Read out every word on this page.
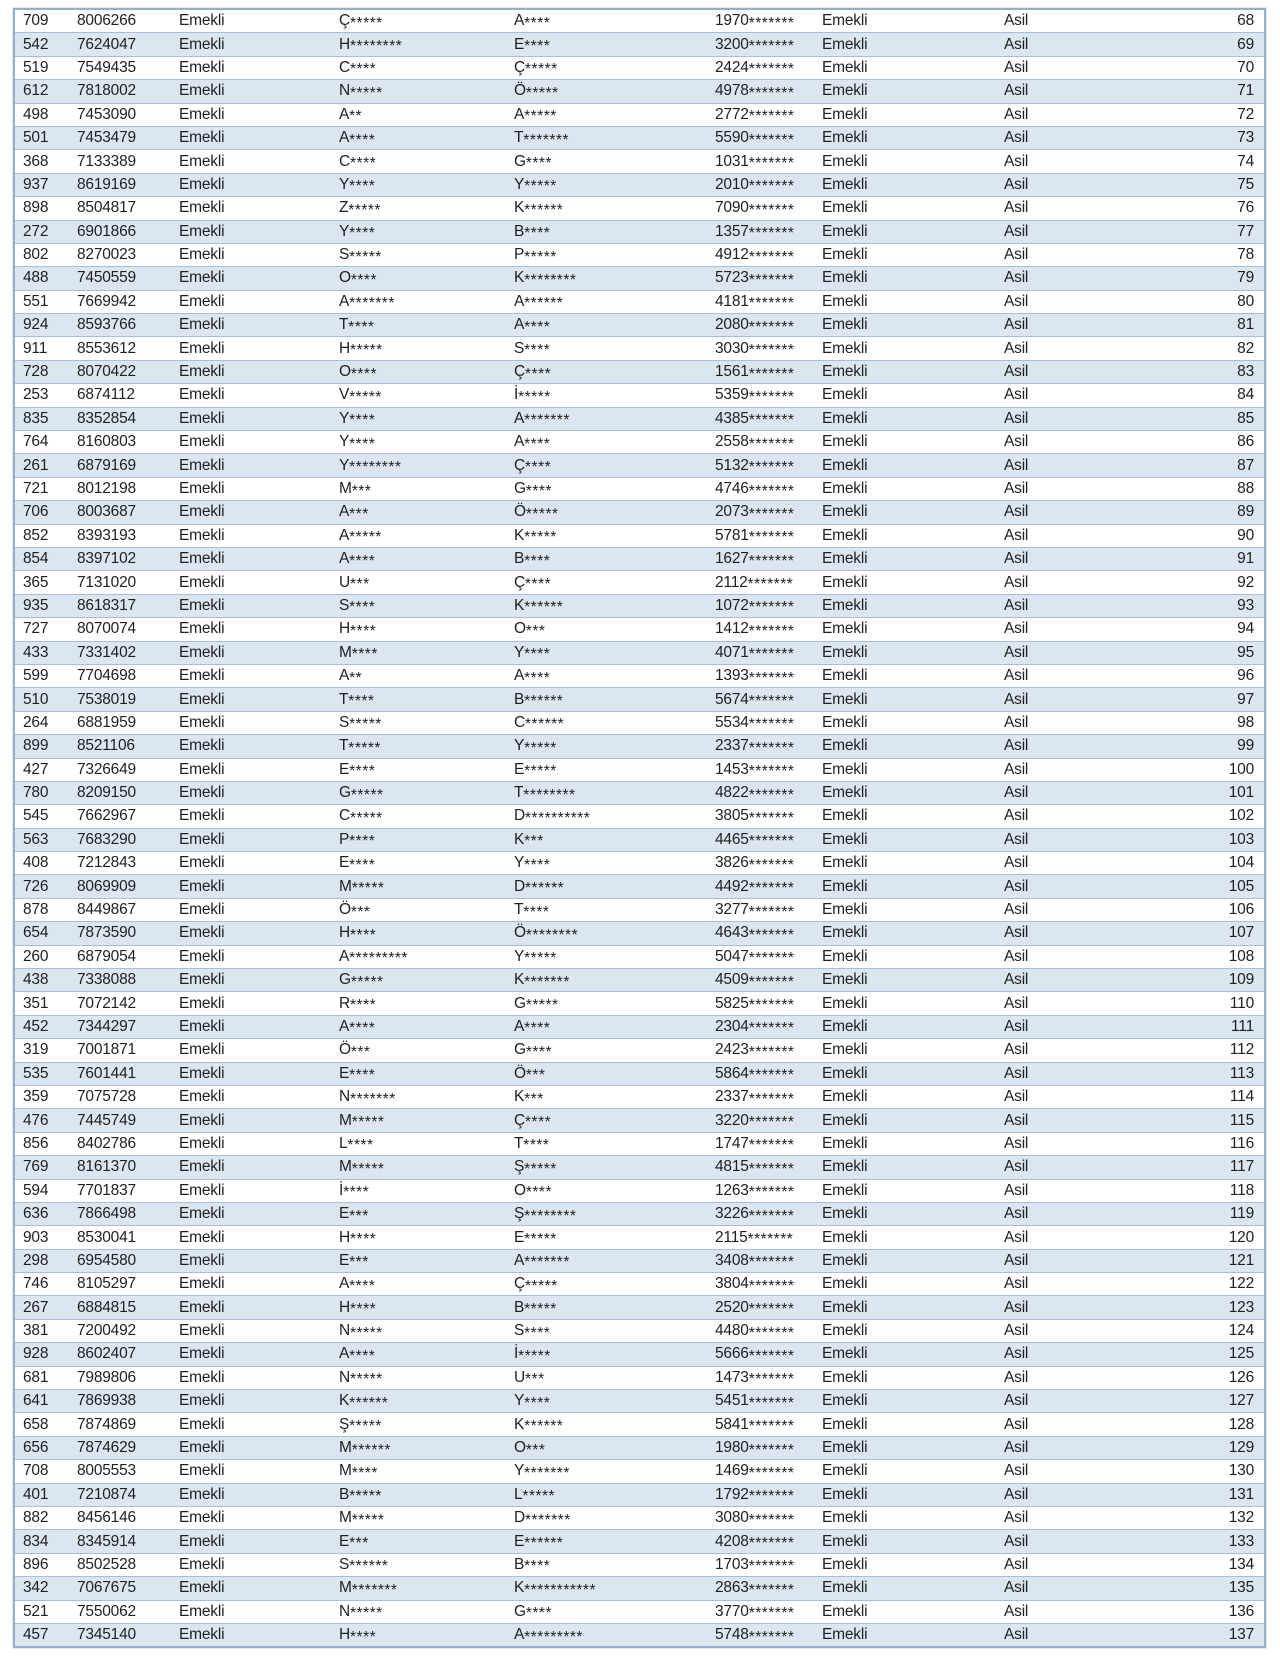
709	8006266	Emekli	Ç*****	A****	1970*******	Emekli	Asil	68
542	7624047	Emekli	H********	E****	3200*******	Emekli	Asil	69
519	7549435	Emekli	C****	Ç*****	2424*******	Emekli	Asil	70
612	7818002	Emekli	N*****	Ö*****	4978*******	Emekli	Asil	71
498	7453090	Emekli	A**	A*****	2772*******	Emekli	Asil	72
501	7453479	Emekli	A****	T*******	5590*******	Emekli	Asil	73
368	7133389	Emekli	C****	G****	1031*******	Emekli	Asil	74
937	8619169	Emekli	Y****	Y*****	2010*******	Emekli	Asil	75
898	8504817	Emekli	Z*****	K******	7090*******	Emekli	Asil	76
272	6901866	Emekli	Y****	B****	1357*******	Emekli	Asil	77
802	8270023	Emekli	S*****	P*****	4912*******	Emekli	Asil	78
488	7450559	Emekli	O****	K********	5723*******	Emekli	Asil	79
551	7669942	Emekli	A*******	A******	4181*******	Emekli	Asil	80
924	8593766	Emekli	T****	A****	2080*******	Emekli	Asil	81
911	8553612	Emekli	H*****	S****	3030*******	Emekli	Asil	82
728	8070422	Emekli	O****	Ç****	1561*******	Emekli	Asil	83
253	6874112	Emekli	V*****	İ*****	5359*******	Emekli	Asil	84
835	8352854	Emekli	Y****	A*******	4385*******	Emekli	Asil	85
764	8160803	Emekli	Y****	A****	2558*******	Emekli	Asil	86
261	6879169	Emekli	Y********	Ç****	5132*******	Emekli	Asil	87
721	8012198	Emekli	M***	G****	4746*******	Emekli	Asil	88
706	8003687	Emekli	A***	Ö*****	2073*******	Emekli	Asil	89
852	8393193	Emekli	A*****	K*****	5781*******	Emekli	Asil	90
854	8397102	Emekli	A****	B****	1627*******	Emekli	Asil	91
365	7131020	Emekli	U***	Ç****	2112*******	Emekli	Asil	92
935	8618317	Emekli	S****	K******	1072*******	Emekli	Asil	93
727	8070074	Emekli	H****	O***	1412*******	Emekli	Asil	94
433	7331402	Emekli	M****	Y****	4071*******	Emekli	Asil	95
599	7704698	Emekli	A**	A****	1393*******	Emekli	Asil	96
510	7538019	Emekli	T****	B******	5674*******	Emekli	Asil	97
264	6881959	Emekli	S*****	C******	5534*******	Emekli	Asil	98
899	8521106	Emekli	T*****	Y*****	2337*******	Emekli	Asil	99
427	7326649	Emekli	E****	E*****	1453*******	Emekli	Asil	100
780	8209150	Emekli	G*****	T********	4822*******	Emekli	Asil	101
545	7662967	Emekli	C*****	D**********	3805*******	Emekli	Asil	102
563	7683290	Emekli	P****	K***	4465*******	Emekli	Asil	103
408	7212843	Emekli	E****	Y****	3826*******	Emekli	Asil	104
726	8069909	Emekli	M*****	D******	4492*******	Emekli	Asil	105
878	8449867	Emekli	Ö***	T****	3277*******	Emekli	Asil	106
654	7873590	Emekli	H****	Ö********	4643*******	Emekli	Asil	107
260	6879054	Emekli	A*********	Y*****	5047*******	Emekli	Asil	108
438	7338088	Emekli	G*****	K*******	4509*******	Emekli	Asil	109
351	7072142	Emekli	R****	G*****	5825*******	Emekli	Asil	110
452	7344297	Emekli	A****	A****	2304*******	Emekli	Asil	111
319	7001871	Emekli	Ö***	G****	2423*******	Emekli	Asil	112
535	7601441	Emekli	E****	Ö***	5864*******	Emekli	Asil	113
359	7075728	Emekli	N*******	K***	2337*******	Emekli	Asil	114
476	7445749	Emekli	M*****	Ç****	3220*******	Emekli	Asil	115
856	8402786	Emekli	L****	T****	1747*******	Emekli	Asil	116
769	8161370	Emekli	M*****	Ş*****	4815*******	Emekli	Asil	117
594	7701837	Emekli	İ****	O****	1263*******	Emekli	Asil	118
636	7866498	Emekli	E***	Ş********	3226*******	Emekli	Asil	119
903	8530041	Emekli	H****	E*****	2115*******	Emekli	Asil	120
298	6954580	Emekli	E***	A*******	3408*******	Emekli	Asil	121
746	8105297	Emekli	A****	Ç*****	3804*******	Emekli	Asil	122
267	6884815	Emekli	H****	B*****	2520*******	Emekli	Asil	123
381	7200492	Emekli	N*****	S****	4480*******	Emekli	Asil	124
928	8602407	Emekli	A****	İ*****	5666*******	Emekli	Asil	125
681	7989806	Emekli	N*****	U***	1473*******	Emekli	Asil	126
641	7869938	Emekli	K******	Y****	5451*******	Emekli	Asil	127
658	7874869	Emekli	Ş*****	K******	5841*******	Emekli	Asil	128
656	7874629	Emekli	M******	O***	1980*******	Emekli	Asil	129
708	8005553	Emekli	M****	Y*******	1469*******	Emekli	Asil	130
401	7210874	Emekli	B*****	L*****	1792*******	Emekli	Asil	131
882	8456146	Emekli	M*****	D*******	3080*******	Emekli	Asil	132
834	8345914	Emekli	E***	E******	4208*******	Emekli	Asil	133
896	8502528	Emekli	S******	B****	1703*******	Emekli	Asil	134
342	7067675	Emekli	M*******	K***********	2863*******	Emekli	Asil	135
521	7550062	Emekli	N*****	G****	3770*******	Emekli	Asil	136
457	7345140	Emekli	H****	A*********	5748*******	Emekli	Asil	137
